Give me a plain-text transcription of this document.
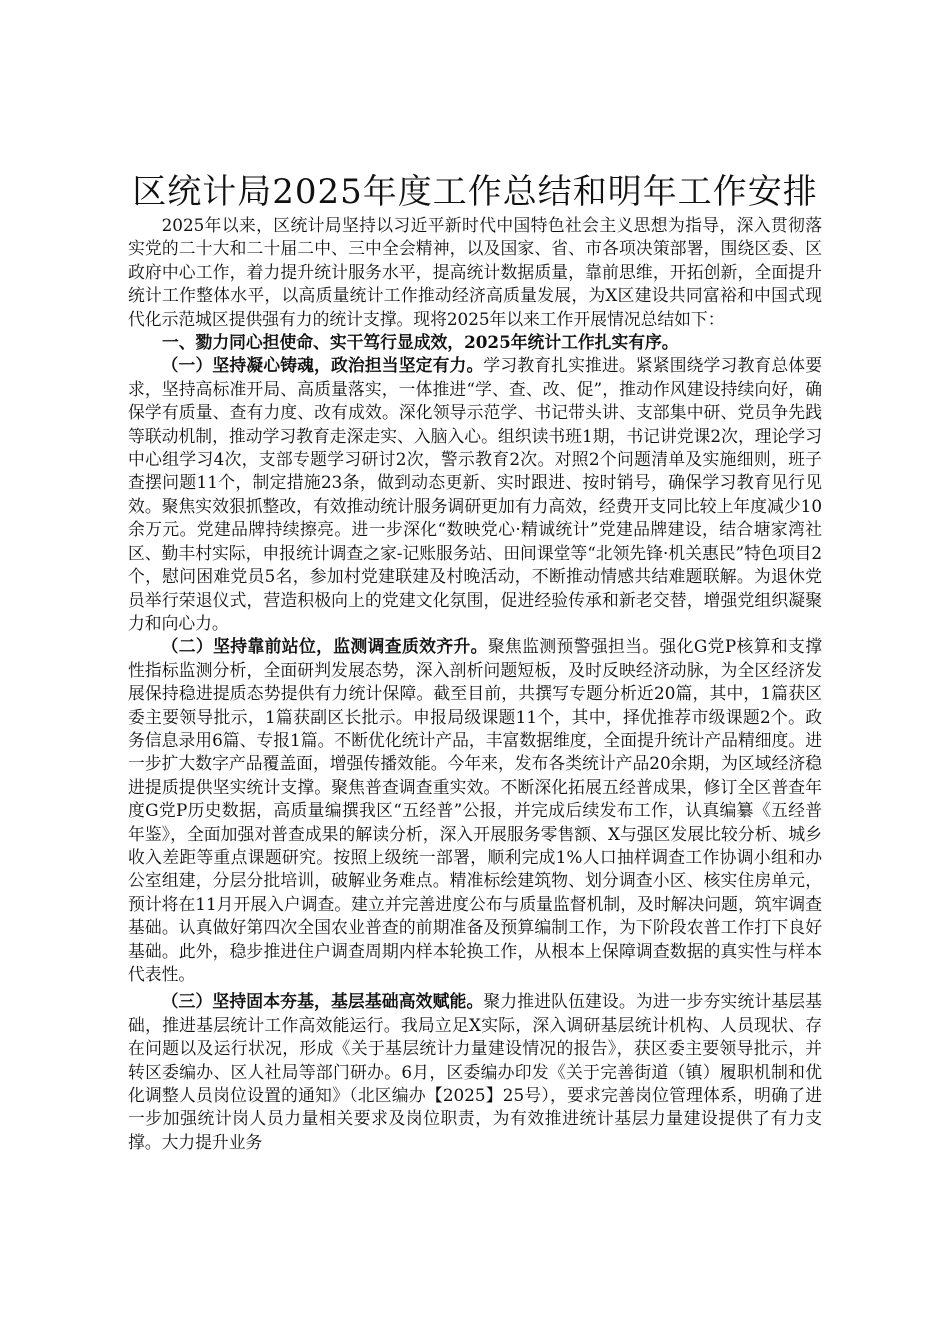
区统计局2025年度工作总结和明年工作安排

2025年以来，区统计局坚持以习近平新时代中国特色社会主义思想为指导，深入贯彻落实党的二十大和二十届二中、三中全会精神，以及国家、省、市各项决策部署，围绕区委、区政府中心工作，着力提升统计服务水平，提高统计数据质量，靠前思维，开拓创新，全面提升统计工作整体水平，以高质量统计工作推动经济高质量发展，为X区建设共同富裕和中国式现代化示范城区提供强有力的统计支撑。现将2025年以来工作开展情况总结如下：

一、勠力同心担使命、实干笃行显成效，2025年统计工作扎实有序。

（一）坚持凝心铸魂，政治担当坚定有力。学习教育扎实推进。紧紧围绕学习教育总体要求，坚持高标准开局、高质量落实，一体推进“学、查、改、促”，推动作风建设持续向好，确保学有质量、查有力度、改有成效。深化领导示范学、书记带头讲、支部集中研、党员争先践等联动机制，推动学习教育走深走实、入脑入心。组织读书班1期，书记讲党课2次，理论学习中心组学习4次，支部专题学习研讨2次，警示教育2次。对照2个问题清单及实施细则，班子查摆问题11个，制定措施23条，做到动态更新、实时跟进、按时销号，确保学习教育见行见效。聚焦实效狠抓整改，有效推动统计服务调研更加有力高效，经费开支同比较上年度减少10余万元。党建品牌持续擦亮。进一步深化“数映党心·精诚统计”党建品牌建设，结合塘家湾社区、勤丰村实际，申报统计调查之家-记账服务站、田间课堂等“北领先锋·机关惠民”特色项目2个，慰问困难党员5名，参加村党建联建及村晚活动，不断推动情感共结难题联解。为退休党员举行荣退仪式，营造积极向上的党建文化氛围，促进经验传承和新老交替，增强党组织凝聚力和向心力。

（二）坚持靠前站位，监测调查质效齐升。聚焦监测预警强担当。强化G党P核算和支撑性指标监测分析，全面研判发展态势，深入剖析问题短板，及时反映经济动脉，为全区经济发展保持稳进提质态势提供有力统计保障。截至目前，共撰写专题分析近20篇，其中，1篇获区委主要领导批示，1篇获副区长批示。申报局级课题11个，其中，择优推荐市级课题2个。政务信息录用6篇、专报1篇。不断优化统计产品，丰富数据维度，全面提升统计产品精细度。进一步扩大数字产品覆盖面，增强传播效能。今年来，发布各类统计产品20余期，为区域经济稳进提质提供坚实统计支撑。聚焦普查调查重实效。不断深化拓展五经普成果，修订全区普查年度G党P历史数据，高质量编撰我区“五经普”公报，并完成后续发布工作，认真编纂《五经普年鉴》，全面加强对普查成果的解读分析，深入开展服务零售额、X与强区发展比较分析、城乡收入差距等重点课题研究。按照上级统一部署，顺利完成1%人口抽样调查工作协调小组和办公室组建，分层分批培训，破解业务难点。精准标绘建筑物、划分调查小区、核实住房单元，预计将在11月开展入户调查。建立并完善进度公布与质量监督机制，及时解决问题，筑牢调查基础。认真做好第四次全国农业普查的前期准备及预算编制工作，为下阶段农普工作打下良好基础。此外，稳步推进住户调查周期内样本轮换工作，从根本上保障调查数据的真实性与样本代表性。

（三）坚持固本夯基，基层基础高效赋能。聚力推进队伍建设。为进一步夯实统计基层基础，推进基层统计工作高效能运行。我局立足X实际，深入调研基层统计机构、人员现状、存在问题以及运行状况，形成《关于基层统计力量建设情况的报告》，获区委主要领导批示，并转区委编办、区人社局等部门研办。6月，区委编办印发《关于完善街道（镇）履职机制和优化调整人员岗位设置的通知》（北区编办【2025】25号），要求完善岗位管理体系，明确了进一步加强统计岗人员力量相关要求及岗位职责，为有效推进统计基层力量建设提供了有力支撑。大力提升业务
